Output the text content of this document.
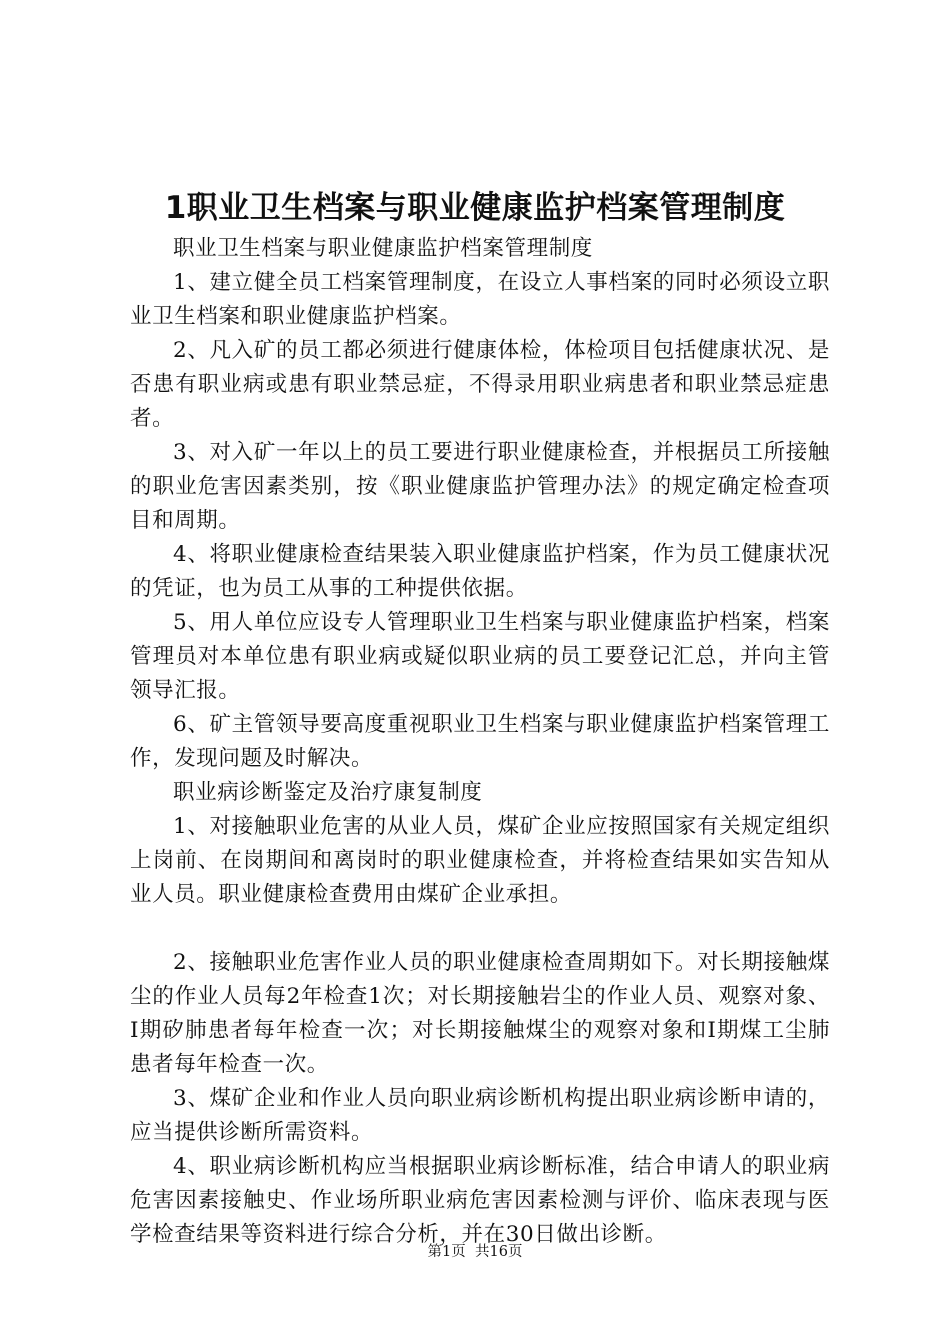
1职业卫生档案与职业健康监护档案管理制度

职业卫生档案与职业健康监护档案管理制度

1、建立健全员工档案管理制度，在设立人事档案的同时必须设立职业卫生档案和职业健康监护档案。

2、凡入矿的员工都必须进行健康体检，体检项目包括健康状况、是否患有职业病或患有职业禁忌症，不得录用职业病患者和职业禁忌症患者。

3、对入矿一年以上的员工要进行职业健康检查，并根据员工所接触的职业危害因素类别，按《职业健康监护管理办法》的规定确定检查项目和周期。

4、将职业健康检查结果装入职业健康监护档案，作为员工健康状况的凭证，也为员工从事的工种提供依据。

5、用人单位应设专人管理职业卫生档案与职业健康监护档案，档案管理员对本单位患有职业病或疑似职业病的员工要登记汇总，并向主管领导汇报。

6、矿主管领导要高度重视职业卫生档案与职业健康监护档案管理工作，发现问题及时解决。

职业病诊断鉴定及治疗康复制度

1、对接触职业危害的从业人员，煤矿企业应按照国家有关规定组织上岗前、在岗期间和离岗时的职业健康检查，并将检查结果如实告知从业人员。职业健康检查费用由煤矿企业承担。

2、接触职业危害作业人员的职业健康检查周期如下。对长期接触煤尘的作业人员每2年检查1次；对长期接触岩尘的作业人员、观察对象、Ⅰ期矽肺患者每年检查一次；对长期接触煤尘的观察对象和Ⅰ期煤工尘肺患者每年检查一次。

3、煤矿企业和作业人员向职业病诊断机构提出职业病诊断申请的，应当提供诊断所需资料。

4、职业病诊断机构应当根据职业病诊断标准，结合申请人的职业病危害因素接触史、作业场所职业病危害因素检测与评价、临床表现与医学检查结果等资料进行综合分析，并在30日做出诊断。

第1页  共16页
